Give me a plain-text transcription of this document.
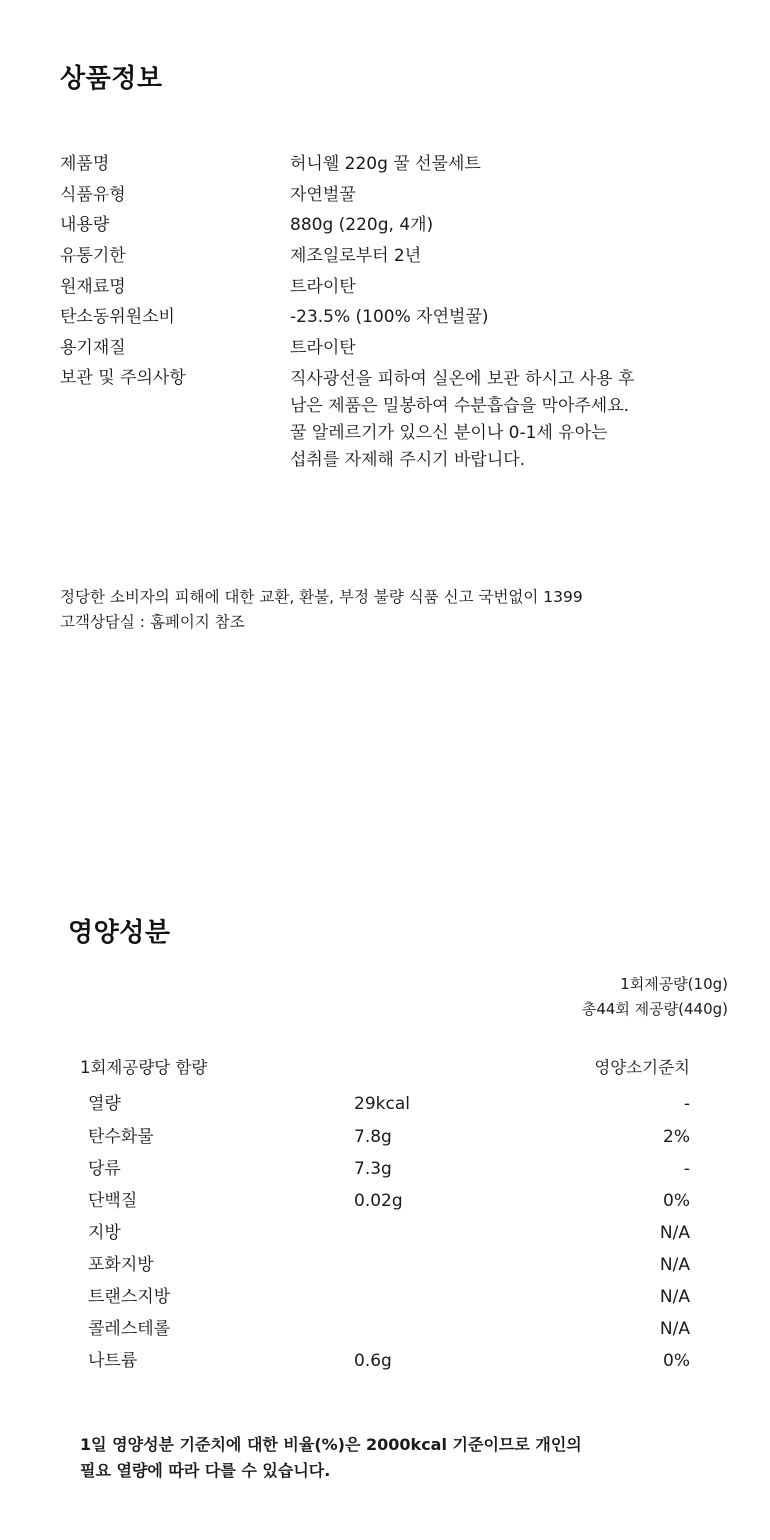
상품정보
제품명	허니웰 220g 꿀 선물세트
식품유형	자연벌꿀
내용량	880g (220g, 4개)
유통기한	제조일로부터 2년
원재료명	트라이탄
탄소동위원소비	-23.5% (100% 자연벌꿀)
용기재질	트라이탄
보관 및 주의사항	직사광선을 피하여 실온에 보관 하시고 사용 후
남은 제품은 밀봉하여 수분흡습을 막아주세요.
꿀 알레르기가 있으신 분이나 0-1세 유아는
섭취를 자제해 주시기 바랍니다.
정당한 소비자의 피해에 대한 교환, 환불, 부정 불량 식품 신고 국번없이 1399
고객상담실 : 홈페이지 참조
영양성분
1회제공량(10g)
총44회 제공량(440g)
1회제공량당 함량		영양소기준치
열량	29kcal	-
탄수화물	7.8g	2%
당류	7.3g	-
단백질	0.02g	0%
지방		N/A
포화지방		N/A
트랜스지방		N/A
콜레스테롤		N/A
나트륨	0.6g	0%
1일 영양성분 기준치에 대한 비율(%)은 2000kcal 기준이므로 개인의
필요 열량에 따라 다를 수 있습니다.
